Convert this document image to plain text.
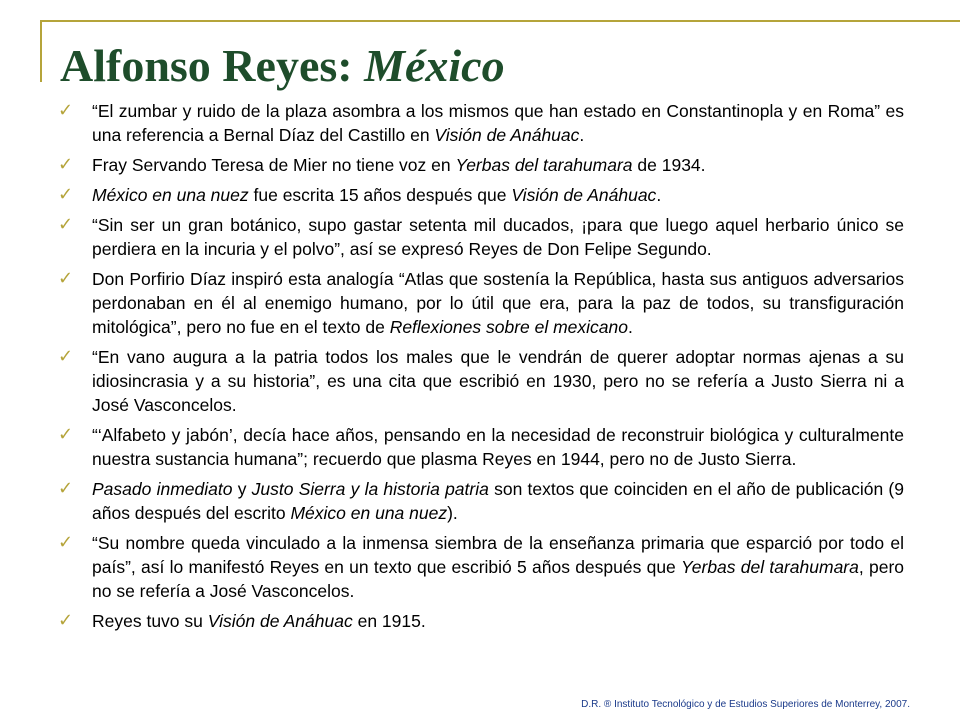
Alfonso Reyes: México
✓ “El zumbar y ruido de la plaza asombra a los mismos que han estado en Constantinopla y en Roma” es una referencia a Bernal Díaz del Castillo en Visión de Anáhuac.
✓ Fray Servando Teresa de Mier no tiene voz en Yerbas del tarahumara de 1934.
✓ México en una nuez fue escrita 15 años después que Visión de Anáhuac.
✓ “Sin ser un gran botánico, supo gastar setenta mil ducados, ¡para que luego aquel herbario único se perdiera en la incuria y el polvo”, así se expresó Reyes de Don Felipe Segundo.
✓ Don Porfirio Díaz inspiró esta analogía “Atlas que sostenía la República, hasta sus antiguos adversarios perdonaban en él al enemigo humano, por lo útil que era, para la paz de todos, su transfiguración mitológica”, pero no fue en el texto de Reflexiones sobre el mexicano.
✓ “En vano augura a la patria todos los males que le vendrán de querer adoptar normas ajenas a su idiosincrasia y a su historia”, es una cita que escribió en 1930, pero no se refería a Justo Sierra ni a José Vasconcelos.
✓ “‘Alfabeto y jabón’, decía hace años, pensando en la necesidad de reconstruir biológica y culturalmente nuestra sustancia humana”; recuerdo que plasma Reyes en 1944, pero no de Justo Sierra.
✓ Pasado inmediato y Justo Sierra y la historia patria son textos que coinciden en el año de publicación (9 años después del escrito México en una nuez).
✓ “Su nombre queda vinculado a la inmensa siembra de la enseñanza primaria que esparció por todo el país”, así lo manifestó Reyes en un texto que escribió 5 años después que Yerbas del tarahumara, pero no se refería a José Vasconcelos.
✓ Reyes tuvo su Visión de Anáhuac en 1915.
D.R. ® Instituto Tecnológico y de Estudios Superiores de Monterrey, 2007.
